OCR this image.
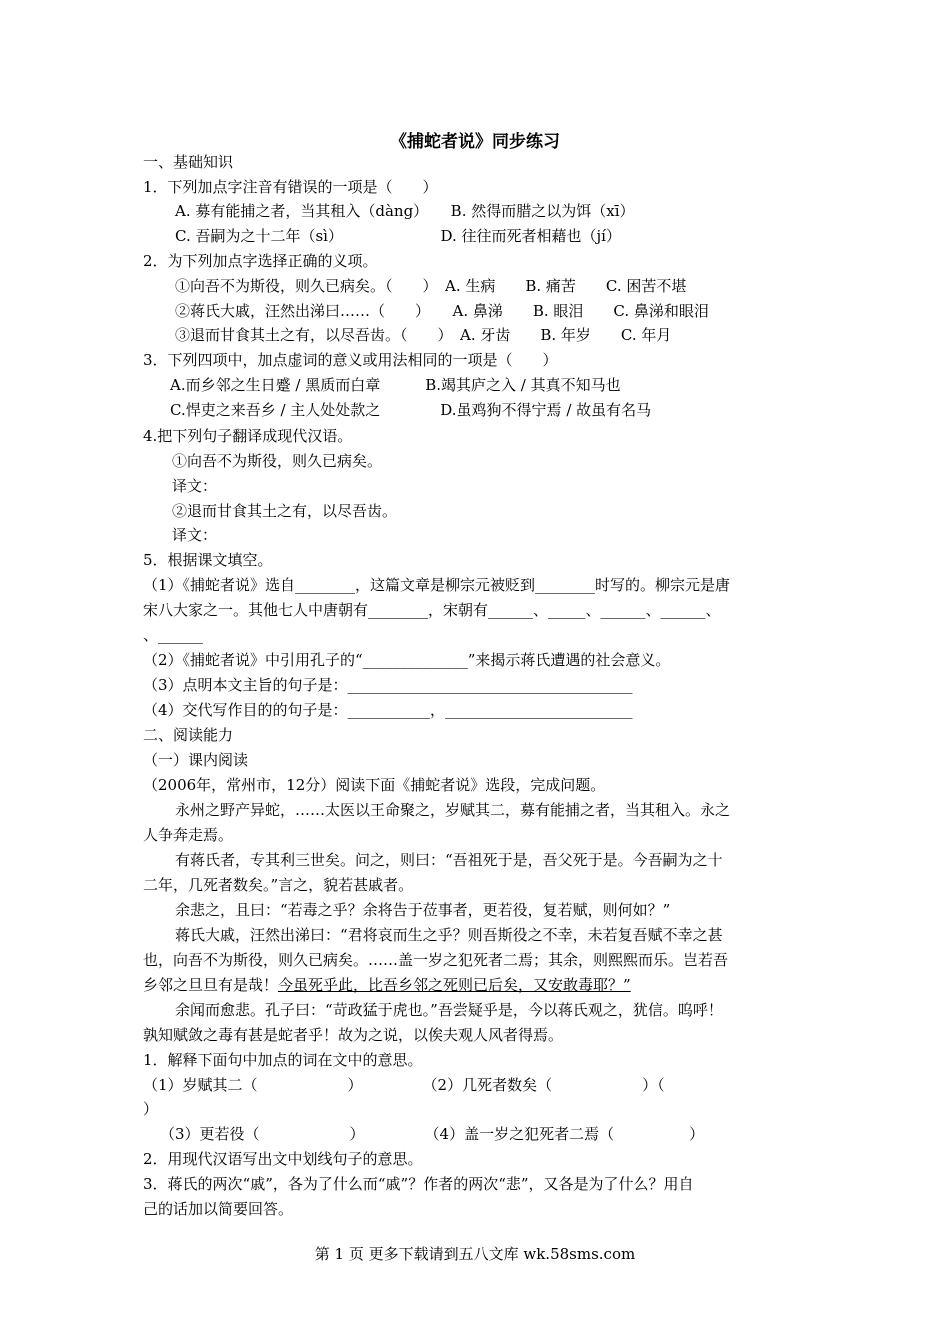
《捕蛇者说》同步练习
一、基础知识
1．下列加点字注音有错误的一项是（　　）
A. 募有能捕之者，当其租入（dàng）　　B. 然得而腊之以为饵（xī）
C. 吾嗣为之十二年（sì）　　　　　　　D. 往往而死者相藉也（jí）
2．为下列加点字选择正确的义项。
①向吾不为斯役，则久已病矣。（　　）　A. 生病　　B. 痛苦　　C. 困苦不堪
②蒋氏大戚，汪然出涕曰……（　　）　　A. 鼻涕　　B. 眼泪　　C. 鼻涕和眼泪
③退而甘食其土之有，以尽吾齿。（　　）　A. 牙齿　　B. 年岁　　C. 年月
3．下列四项中，加点虚词的意义或用法相同的一项是（　　）
A.而乡邻之生日蹙 / 黑质而白章　　　B.竭其庐之入 / 其真不知马也
C.悍吏之来吾乡 / 主人处处款之　　　　D.虽鸡狗不得宁焉 / 故虽有名马
4.把下列句子翻译成现代汉语。
①向吾不为斯役，则久已病矣。
译文：
②退而甘食其土之有，以尽吾齿。
译文：
5．根据课文填空。
（1）《捕蛇者说》选自________，这篇文章是柳宗元被贬到________时写的。柳宗元是唐
宋八大家之一。其他七人中唐朝有________，宋朝有______、_____、______、______、
、______
（2）《捕蛇者说》中引用孔子的“______________”来揭示蒋氏遭遇的社会意义。
（3）点明本文主旨的句子是：______________________________________
（4）交代写作目的的句子是：___________，_________________________
二、阅读能力
（一）课内阅读
（2006年，常州市，12分）阅读下面《捕蛇者说》选段，完成问题。
永州之野产异蛇，……太医以王命聚之，岁赋其二，募有能捕之者，当其租入。永之
人争奔走焉。
有蒋氏者，专其利三世矣。问之，则曰：“吾祖死于是，吾父死于是。今吾嗣为之十
二年，几死者数矣。”言之，貌若甚戚者。
余悲之，且曰：“若毒之乎？余将告于莅事者，更若役，复若赋，则何如？”
蒋氏大戚，汪然出涕曰：“君将哀而生之乎？则吾斯役之不幸，未若复吾赋不幸之甚
也，向吾不为斯役，则久已病矣。……盖一岁之犯死者二焉；其余，则熙熙而乐。岂若吾
乡邻之旦旦有是哉！今虽死乎此，比吾乡邻之死则已后矣，又安敢毒耶？”
余闻而愈悲。孔子曰：“苛政猛于虎也。”吾尝疑乎是，今以蒋氏观之，犹信。呜呼！
孰知赋敛之毒有甚是蛇者乎！故为之说，以俟夫观人风者得焉。
1．解释下面句中加点的词在文中的意思。
（1）岁赋其二（　　　　　　）　　　　　（2）几死者数矣（　　　　　　）（
）
（3）更若役（　　　　　　）　　　　　（4）盖一岁之犯死者二焉（　　　　　）
2．用现代汉语写出文中划线句子的意思。
3．蒋氏的两次“戚”，各为了什么而“戚”？作者的两次“悲”，又各是为了什么？用自
己的话加以简要回答。
第 1 页 更多下载请到五八文库 wk.58sms.com
